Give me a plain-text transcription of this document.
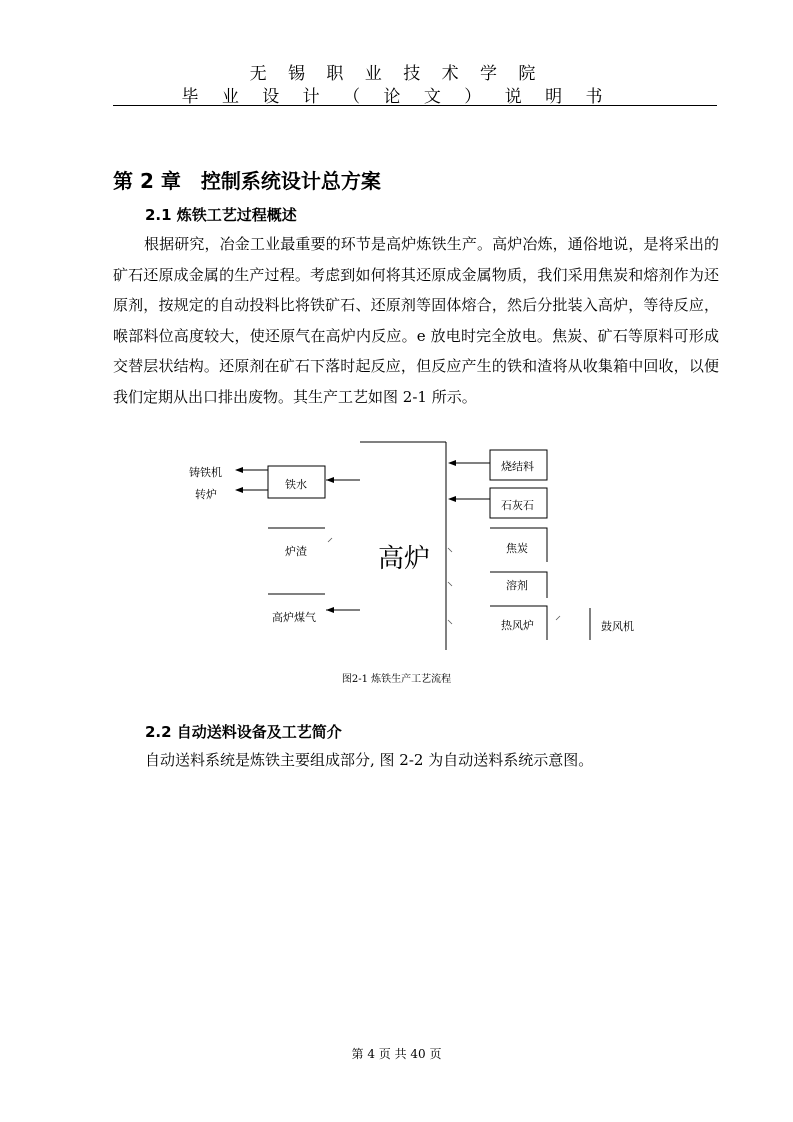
无 锡 职 业 技 术 学 院
毕 业 设 计 （ 论 文 ） 说 明 书
第 2 章 控制系统设计总方案
2.1 炼铁工艺过程概述
根据研究，冶金工业最重要的环节是高炉炼铁生产。高炉冶炼，通俗地说，是将采出的矿石还原成金属的生产过程。考虑到如何将其还原成金属物质，我们采用焦炭和熔剂作为还原剂，按规定的自动投料比将铁矿石、还原剂等固体熔合，然后分批装入高炉，等待反应，喉部料位高度较大，使还原气在高炉内反应。e 放电时完全放电。焦炭、矿石等原料可形成交替层状结构。还原剂在矿石下落时起反应，但反应产生的铁和渣将从收集箱中回收，以便我们定期从出口排出废物。其生产工艺如图 2-1 所示。
铸铁机
转炉
铁水
炉渣
高炉煤气
高炉
烧结料
石灰石
焦炭
溶剂
热风炉	鼓风机
图2-1 炼铁生产工艺流程
2.2 自动送料设备及工艺简介
自动送料系统是炼铁主要组成部分, 图 2-2 为自动送料系统示意图。
第 4 页 共 40 页
